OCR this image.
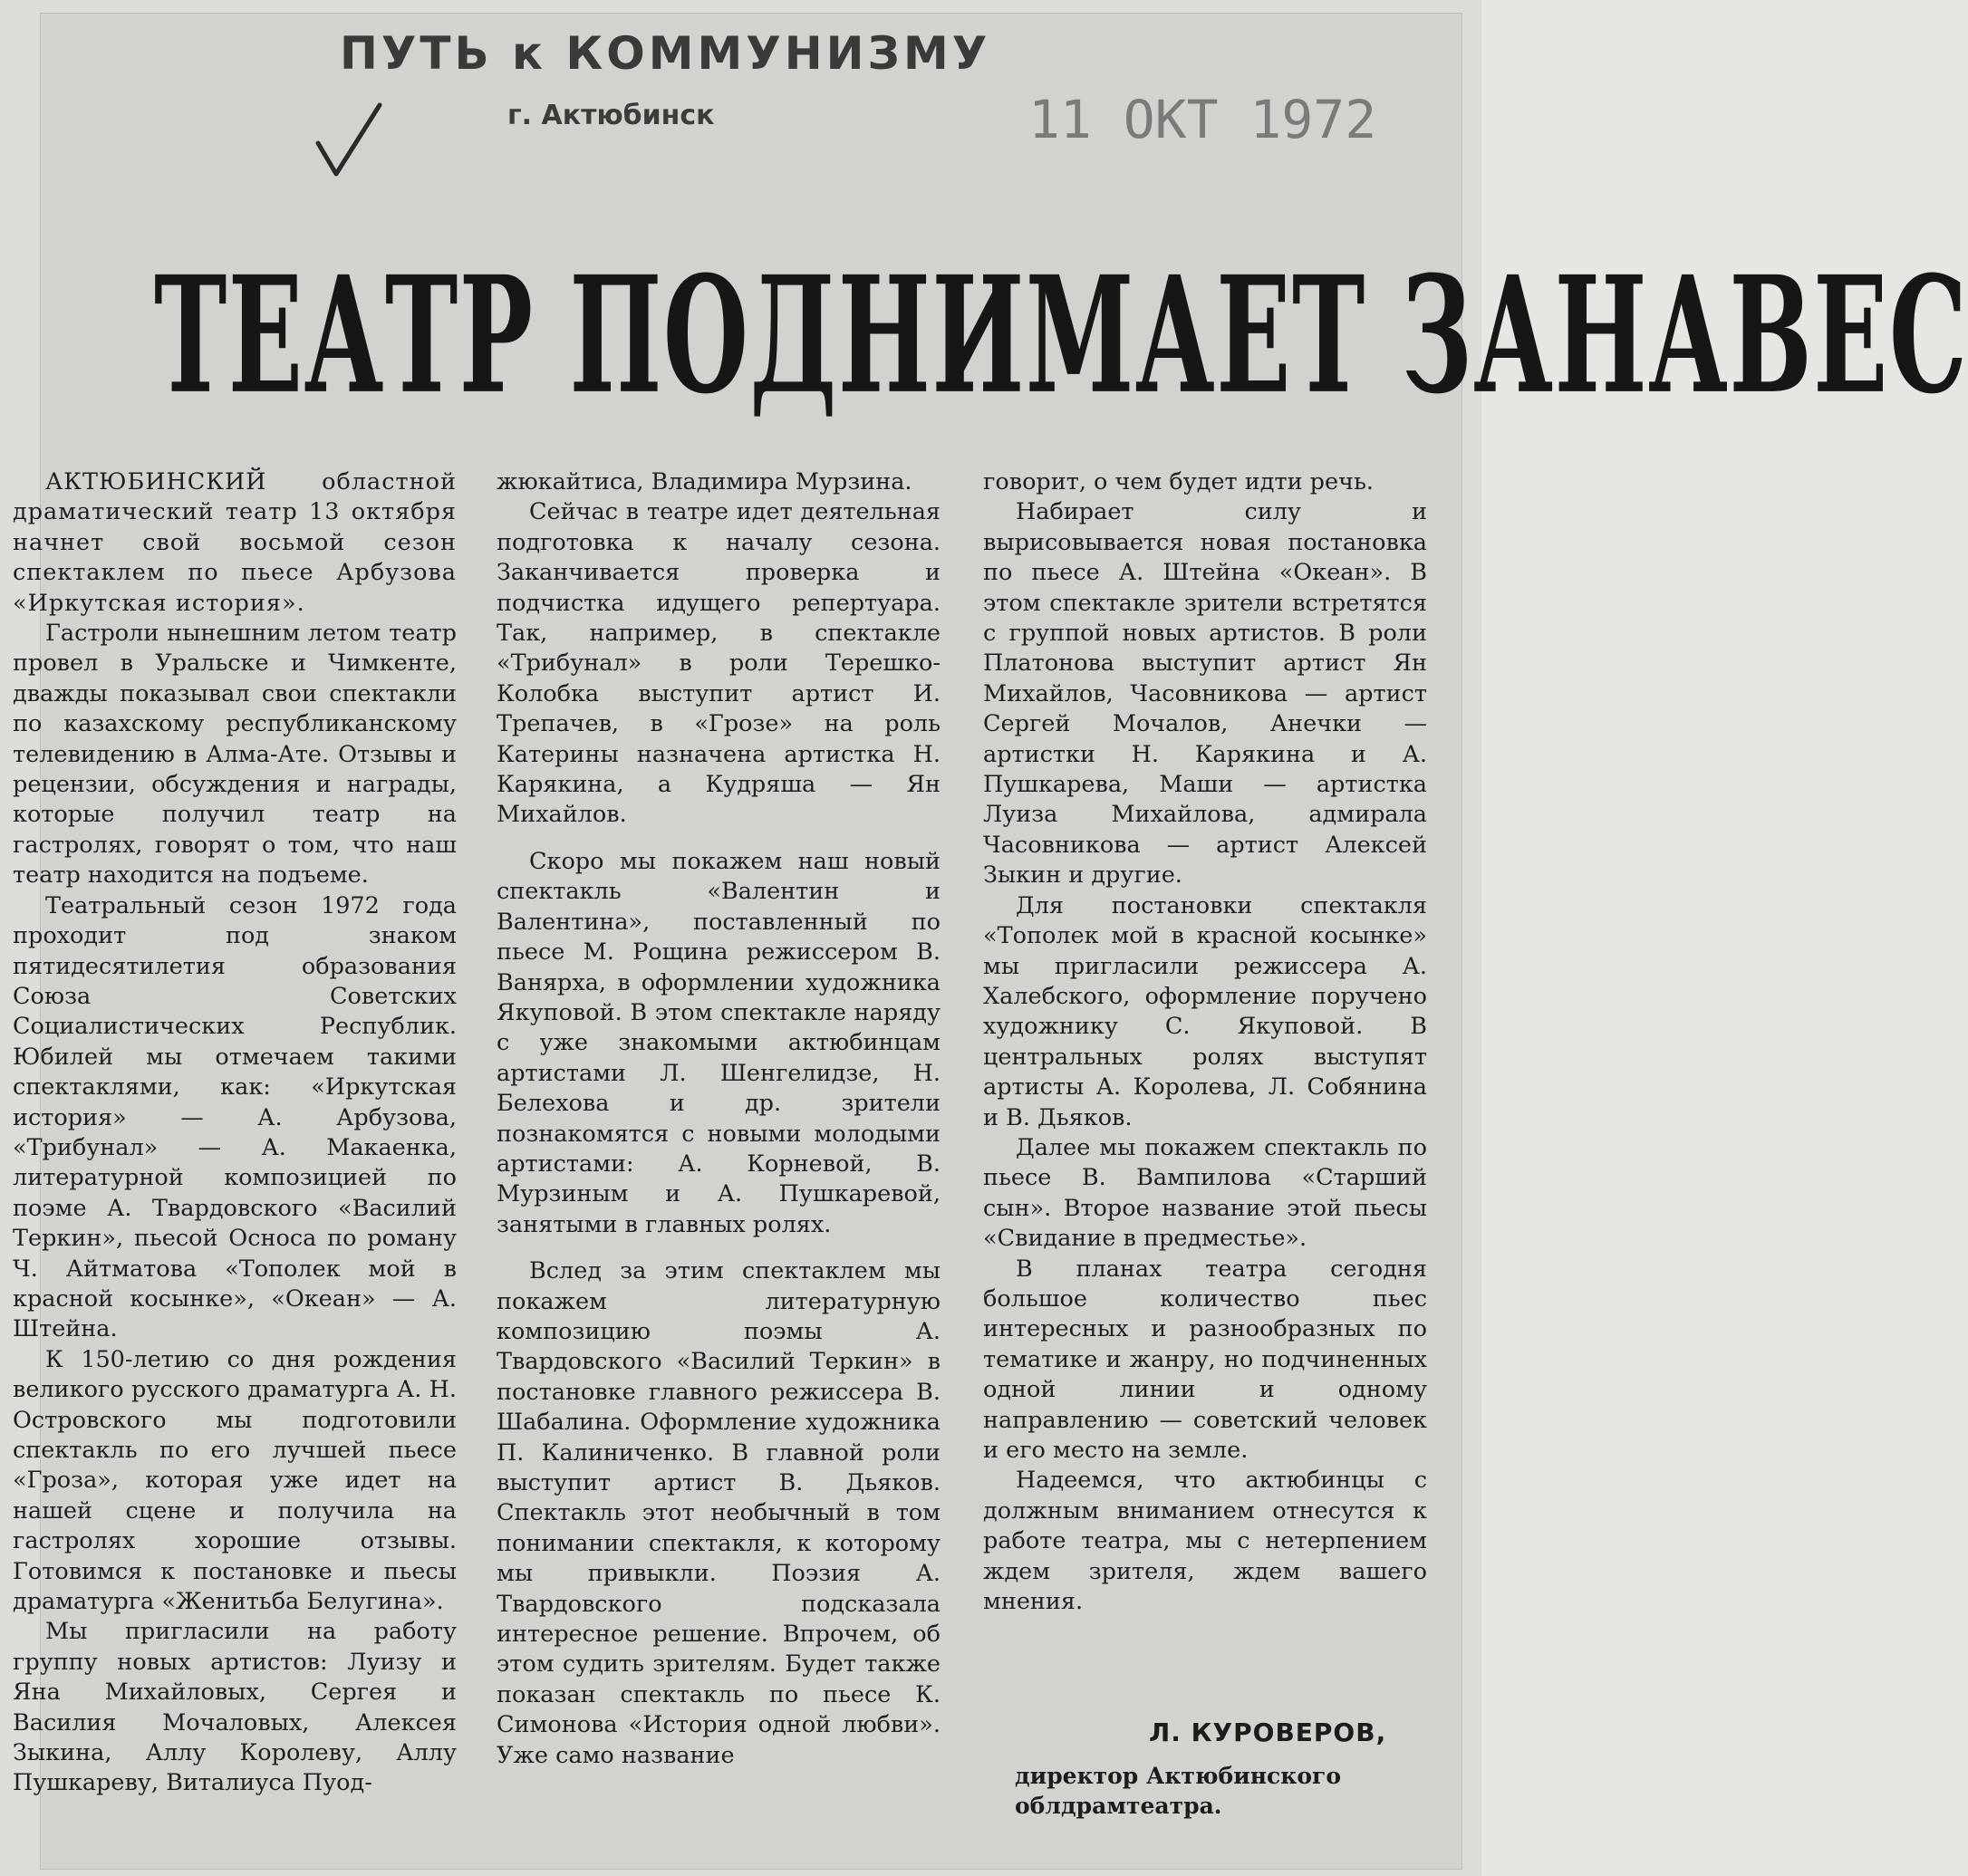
ПУТЬ к КОММУНИЗМУ
г. Актюбинск	11 ОКТ 1972
ТЕАТР ПОДНИМАЕТ ЗАНАВЕС

АКТЮБИНСКИЙ областной драматический театр 13 октября начнет свой восьмой сезон спектаклем по пьесе Арбузова «Иркутская история».

Гастроли нынешним летом театр провел в Уральске и Чимкенте, дважды показывал свои спектакли по казахскому республиканскому телевидению в Алма-Ате. Отзывы и рецензии, обсуждения и награды, которые получил театр на гастролях, говорят о том, что наш театр находится на подъеме.

Театральный сезон 1972 года проходит под знаком пятидесятилетия образования Союза Советских Социалистических Республик. Юбилей мы отмечаем такими спектаклями, как: «Иркутская история» — А. Арбузова, «Трибунал» — А. Макаенка, литературной композицией по поэме А. Твардовского «Василий Теркин», пьесой Осноса по роману Ч. Айтматова «Тополек мой в красной косынке», «Океан» — А. Штейна.

К 150-летию со дня рождения великого русского драматурга А. Н. Островского мы подготовили спектакль по его лучшей пьесе «Гроза», которая уже идет на нашей сцене и получила на гастролях хорошие отзывы. Готовимся к постановке и пьесы драматурга «Женитьба Белугина».

Мы пригласили на работу группу новых артистов: Луизу и Яна Михайловых, Сергея и Василия Мочаловых, Алексея Зыкина, Аллу Королеву, Аллу Пушкареву, Виталиуса Пуод-

жюкайтиса, Владимира Мурзина.

Сейчас в театре идет деятельная подготовка к началу сезона. Заканчивается проверка и подчистка идущего репертуара. Так, например, в спектакле «Трибунал» в роли Терешко-Колобка выступит артист И. Трепачев, в «Грозе» на роль Катерины назначена артистка Н. Карякина, а Кудряша — Ян Михайлов.

Скоро мы покажем наш новый спектакль «Валентин и Валентина», поставленный по пьесе М. Рощина режиссером В. Ванярха, в оформлении художника Якуповой. В этом спектакле наряду с уже знакомыми актюбинцам артистами Л. Шенгелидзе, Н. Белеховa и др. зрители познакомятся с новыми молодыми артистами: А. Корневой, В. Мурзиным и А. Пушкаревой, занятыми в главных ролях.

Вслед за этим спектаклем мы покажем литературную композицию поэмы А. Твардовского «Василий Теркин» в постановке главного режиссера В. Шабалина. Оформление художника П. Калиниченко. В главной роли выступит артист В. Дьяков. Спектакль этот необычный в том понимании спектакля, к которому мы привыкли. Поэзия А. Твардовского подсказала интересное решение. Впрочем, об этом судить зрителям. Будет также показан спектакль по пьесе К. Симонова «История одной любви». Уже само название

говорит, о чем будет идти речь.

Набирает силу и вырисовывается новая постановка по пьесе А. Штейна «Океан». В этом спектакле зрители встретятся с группой новых артистов. В роли Платонова выступит артист Ян Михайлов, Часовникова — артист Сергей Мочалов, Анечки — артистки Н. Карякина и А. Пушкарева, Маши — артистка Луиза Михайлова, адмирала Часовникова — артист Алексей Зыкин и другие.

Для постановки спектакля «Тополек мой в красной косынке» мы пригласили режиссера А. Халебского, оформление поручено художнику С. Якуповой. В центральных ролях выступят артисты А. Королева, Л. Собянина и В. Дьяков.

Далее мы покажем спектакль по пьесе В. Вампилова «Старший сын». Второе название этой пьесы «Свидание в предместье».

В планах театра сегодня большое количество пьес интересных и разнообразных по тематике и жанру, но подчиненных одной линии и одному направлению — советский человек и его место на земле.

Надеемся, что актюбинцы с должным вниманием отнесутся к работе театра, мы с нетерпением ждем зрителя, ждем вашего мнения.

Л. КУРОВЕРОВ,
директор Актюбинского облдрамтеатра.
